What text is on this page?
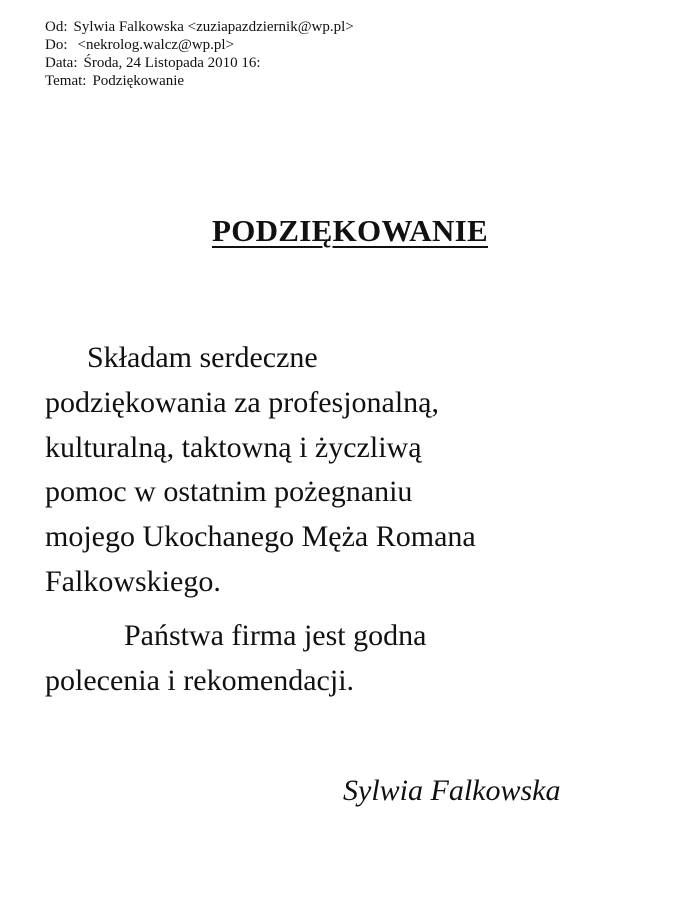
Od: Sylwia Falkowska <zuziapazdziernik@wp.pl>
Do: <nekrolog.walcz@wp.pl>
Data: Środa, 24 Listopada 2010 16:
Temat: Podziękowanie
PODZIĘKOWANIE
Składam serdeczne
podziękowania za profesjonalną,
kulturalną, taktowną i życzliwą
pomoc w ostatnim pożegnaniu
mojego Ukochanego Męża Romana
Falkowskiego.
Państwa firma jest godna
polecenia i rekomendacji.
Sylwia Falkowska
